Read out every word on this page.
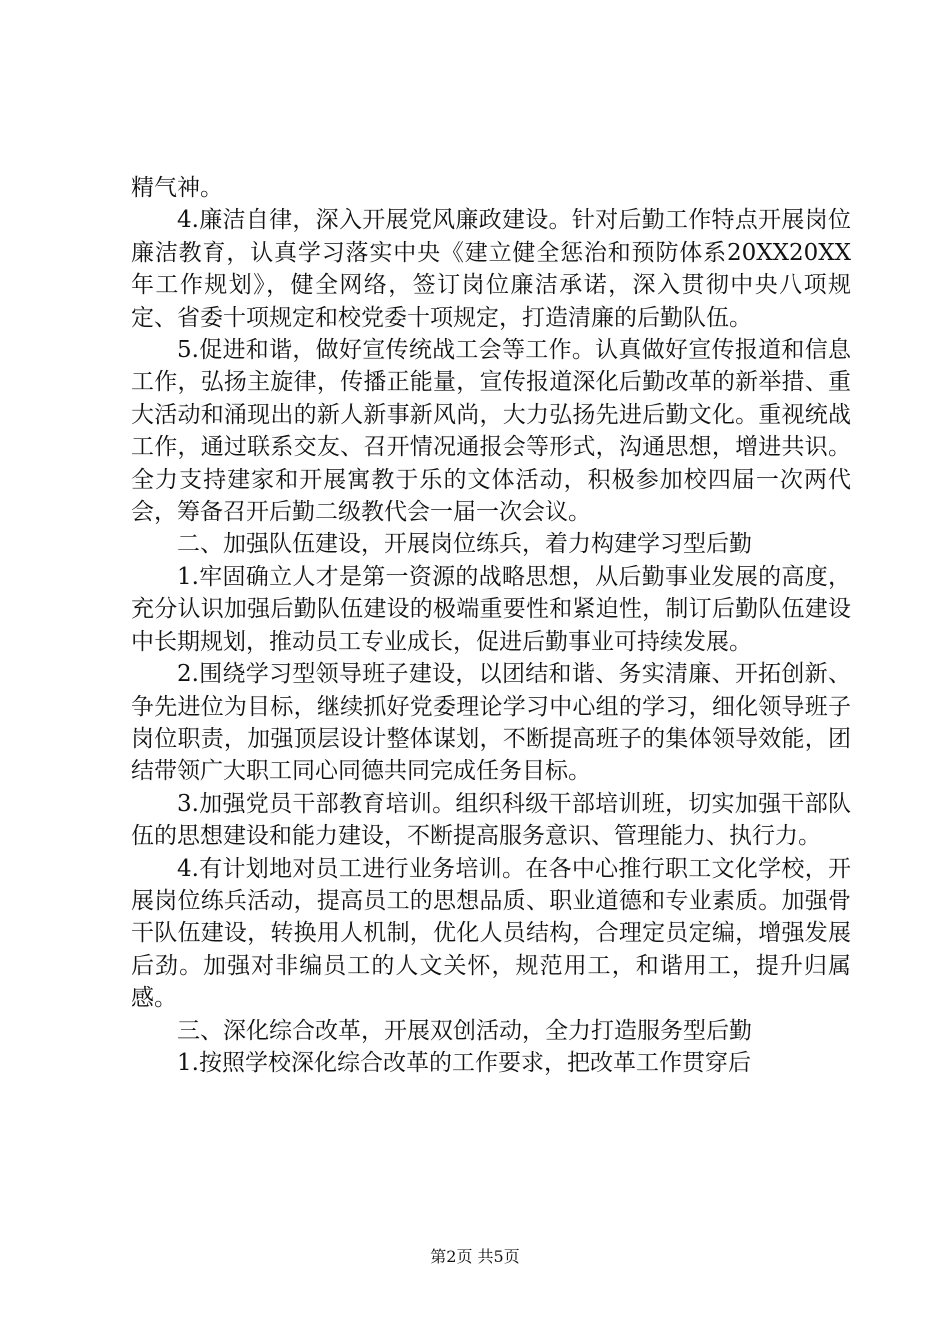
精气神。

4.廉洁自律，深入开展党风廉政建设。针对后勤工作特点开展岗位廉洁教育，认真学习落实中央《建立健全惩治和预防体系20XX20XX年工作规划》，健全网络，签订岗位廉洁承诺，深入贯彻中央八项规定、省委十项规定和校党委十项规定，打造清廉的后勤队伍。

5.促进和谐，做好宣传统战工会等工作。认真做好宣传报道和信息工作，弘扬主旋律，传播正能量，宣传报道深化后勤改革的新举措、重大活动和涌现出的新人新事新风尚，大力弘扬先进后勤文化。重视统战工作，通过联系交友、召开情况通报会等形式，沟通思想，增进共识。全力支持建家和开展寓教于乐的文体活动，积极参加校四届一次两代会，筹备召开后勤二级教代会一届一次会议。

二、加强队伍建设，开展岗位练兵，着力构建学习型后勤

1.牢固确立人才是第一资源的战略思想，从后勤事业发展的高度，充分认识加强后勤队伍建设的极端重要性和紧迫性，制订后勤队伍建设中长期规划，推动员工专业成长，促进后勤事业可持续发展。

2.围绕学习型领导班子建设，以团结和谐、务实清廉、开拓创新、争先进位为目标，继续抓好党委理论学习中心组的学习，细化领导班子岗位职责，加强顶层设计整体谋划，不断提高班子的集体领导效能，团结带领广大职工同心同德共同完成任务目标。

3.加强党员干部教育培训。组织科级干部培训班，切实加强干部队伍的思想建设和能力建设，不断提高服务意识、管理能力、执行力。

4.有计划地对员工进行业务培训。在各中心推行职工文化学校，开展岗位练兵活动，提高员工的思想品质、职业道德和专业素质。加强骨干队伍建设，转换用人机制，优化人员结构，合理定员定编，增强发展后劲。加强对非编员工的人文关怀，规范用工，和谐用工，提升归属感。

三、深化综合改革，开展双创活动，全力打造服务型后勤

1.按照学校深化综合改革的工作要求，把改革工作贯穿后

第2页 共5页
